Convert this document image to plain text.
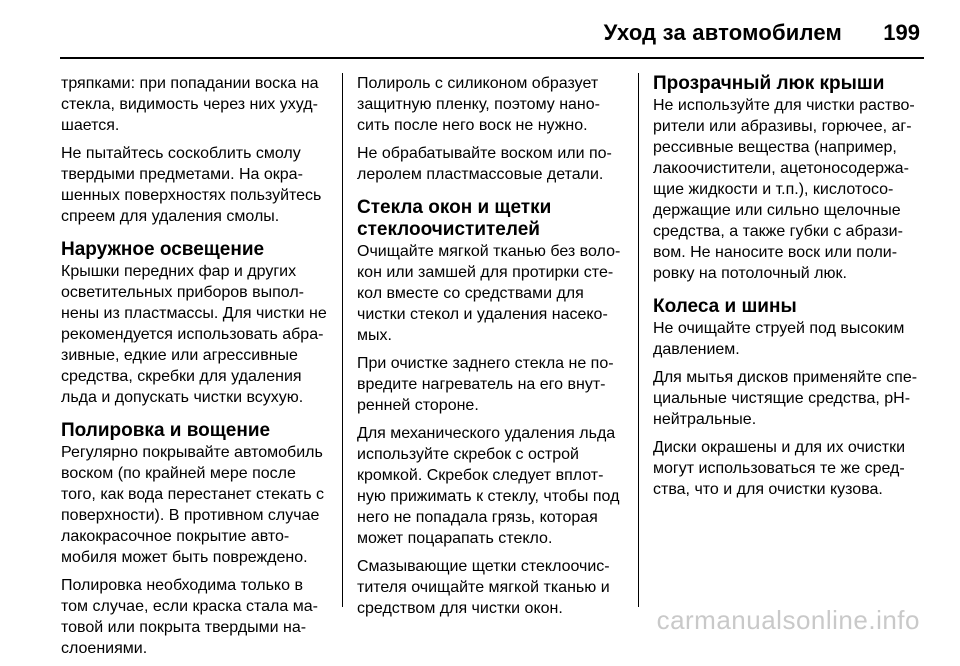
Уход за автомобилем 199

тряпками: при попадании воска на стекла, видимость через них ухудшается.

Не пытайтесь соскоблить смолу твердыми предметами. На окрашенных поверхностях пользуйтесь спреем для удаления смолы.

Наружное освещение

Крышки передних фар и других осветительных приборов выполнены из пластмассы. Для чистки не рекомендуется использовать абразивные, едкие или агрессивные средства, скребки для удаления льда и допускать чистки всухую.

Полировка и вощение

Регулярно покрывайте автомобиль воском (по крайней мере после того, как вода перестанет стекать с поверхности). В противном случае лакокрасочное покрытие автомобиля может быть повреждено.

Полировка необходима только в том случае, если краска стала матовой или покрыта твердыми наслоениями.

Полироль с силиконом образует защитную пленку, поэтому наносить после него воск не нужно.

Не обрабатывайте воском или полеролем пластмассовые детали.

Стекла окон и щетки стеклоочистителей

Очищайте мягкой тканью без волокон или замшей для протирки стекол вместе со средствами для чистки стекол и удаления насекомых.

При очистке заднего стекла не повредите нагреватель на его внутренней стороне.

Для механического удаления льда используйте скребок с острой кромкой. Скребок следует вплотную прижимать к стеклу, чтобы под него не попадала грязь, которая может поцарапать стекло.

Смазывающие щетки стеклоочистителя очищайте мягкой тканью и средством для чистки окон.

Прозрачный люк крыши

Не используйте для чистки растворители или абразивы, горючее, агрессивные вещества (например, лакоочистители, ацетоносодержащие жидкости и т.п.), кислотосодержащие или сильно щелочные средства, а также губки с абразивом. Не наносите воск или полировку на потолочный люк.

Колеса и шины

Не очищайте струей под высоким давлением.

Для мытья дисков применяйте специальные чистящие средства, pH-нейтральные.

Диски окрашены и для их очистки могут использоваться те же средства, что и для очистки кузова.

carmanualsonline.info
